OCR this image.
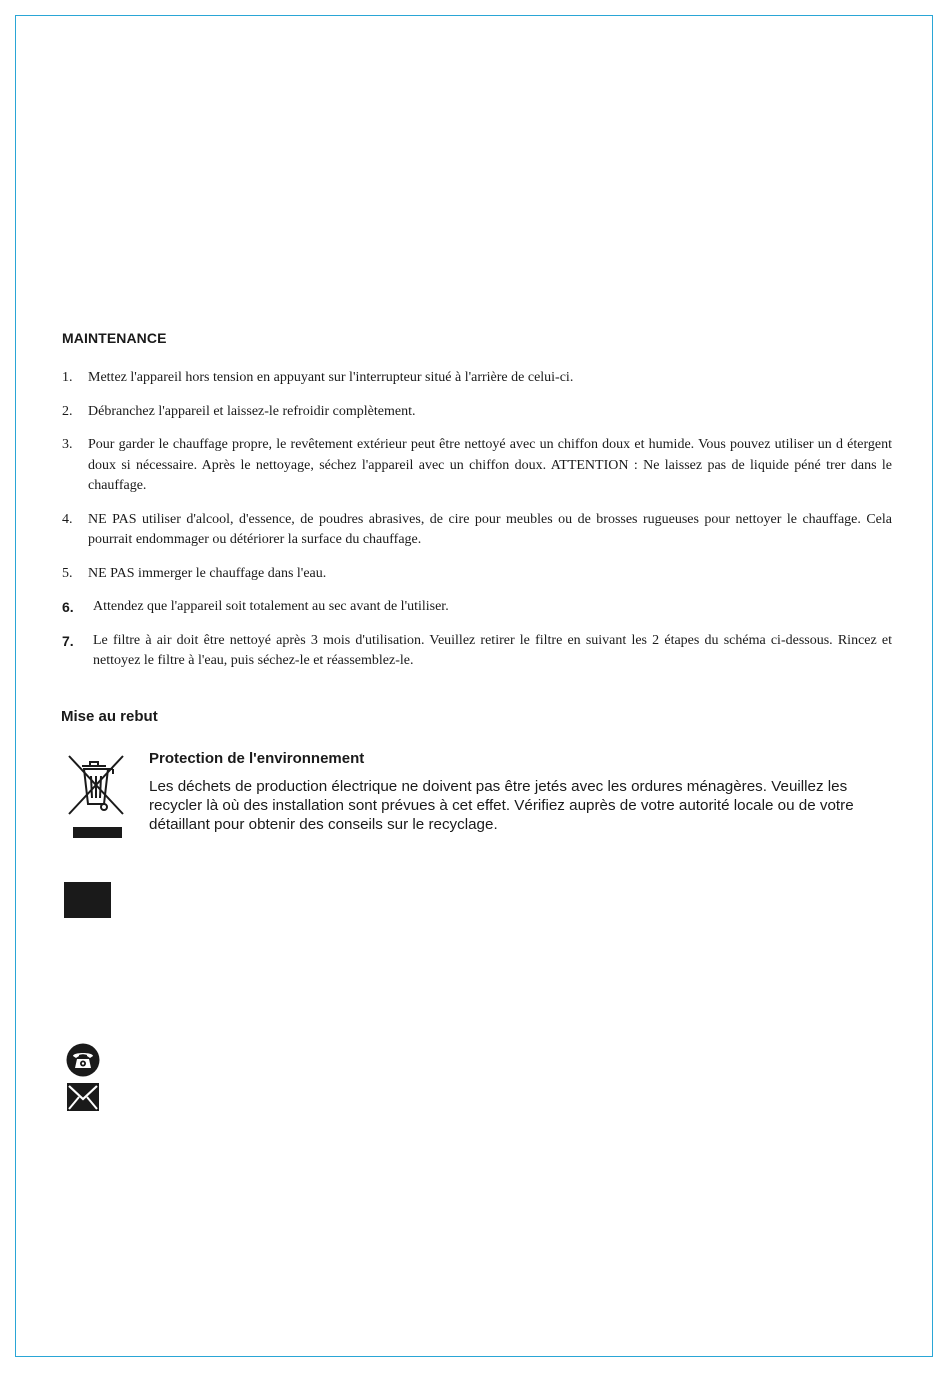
MAINTENANCE
1. Mettez l'appareil hors tension en appuyant sur l'interrupteur situé à l'arrière de celui-ci.
2. Débranchez l'appareil et laissez-le refroidir complètement.
3. Pour garder le chauffage propre, le revêtement extérieur peut être nettoyé avec un chiffon doux et humide. Vous pouvez utiliser un d étergent doux si nécessaire. Après le nettoyage, séchez l'appareil avec un chiffon doux. ATTENTION : Ne laissez pas de liquide péné trer dans le chauffage.
4. NE PAS utiliser d'alcool, d'essence, de poudres abrasives, de cire pour meubles ou de brosses rugueuses pour nettoyer le chauffage. Cela pourrait endommager ou détériorer la surface du chauffage.
5. NE PAS immerger le chauffage dans l'eau.
6. Attendez que l'appareil soit totalement au sec avant de l'utiliser.
7. Le filtre à air doit être nettoyé après 3 mois d'utilisation. Veuillez retirer le filtre en suivant les 2 étapes du schéma ci-dessous. Rincez et nettoyez le filtre à l'eau, puis séchez-le et réassemblez-le.
Mise au rebut
Protection de l'environnement
Les déchets de production électrique ne doivent pas être jetés avec les ordures ménagères. Veuillez les recycler là où des installation sont prévues à cet effet. Vérifiez auprès de votre autorité locale ou de votre détaillant pour obtenir des conseils sur le recyclage.
